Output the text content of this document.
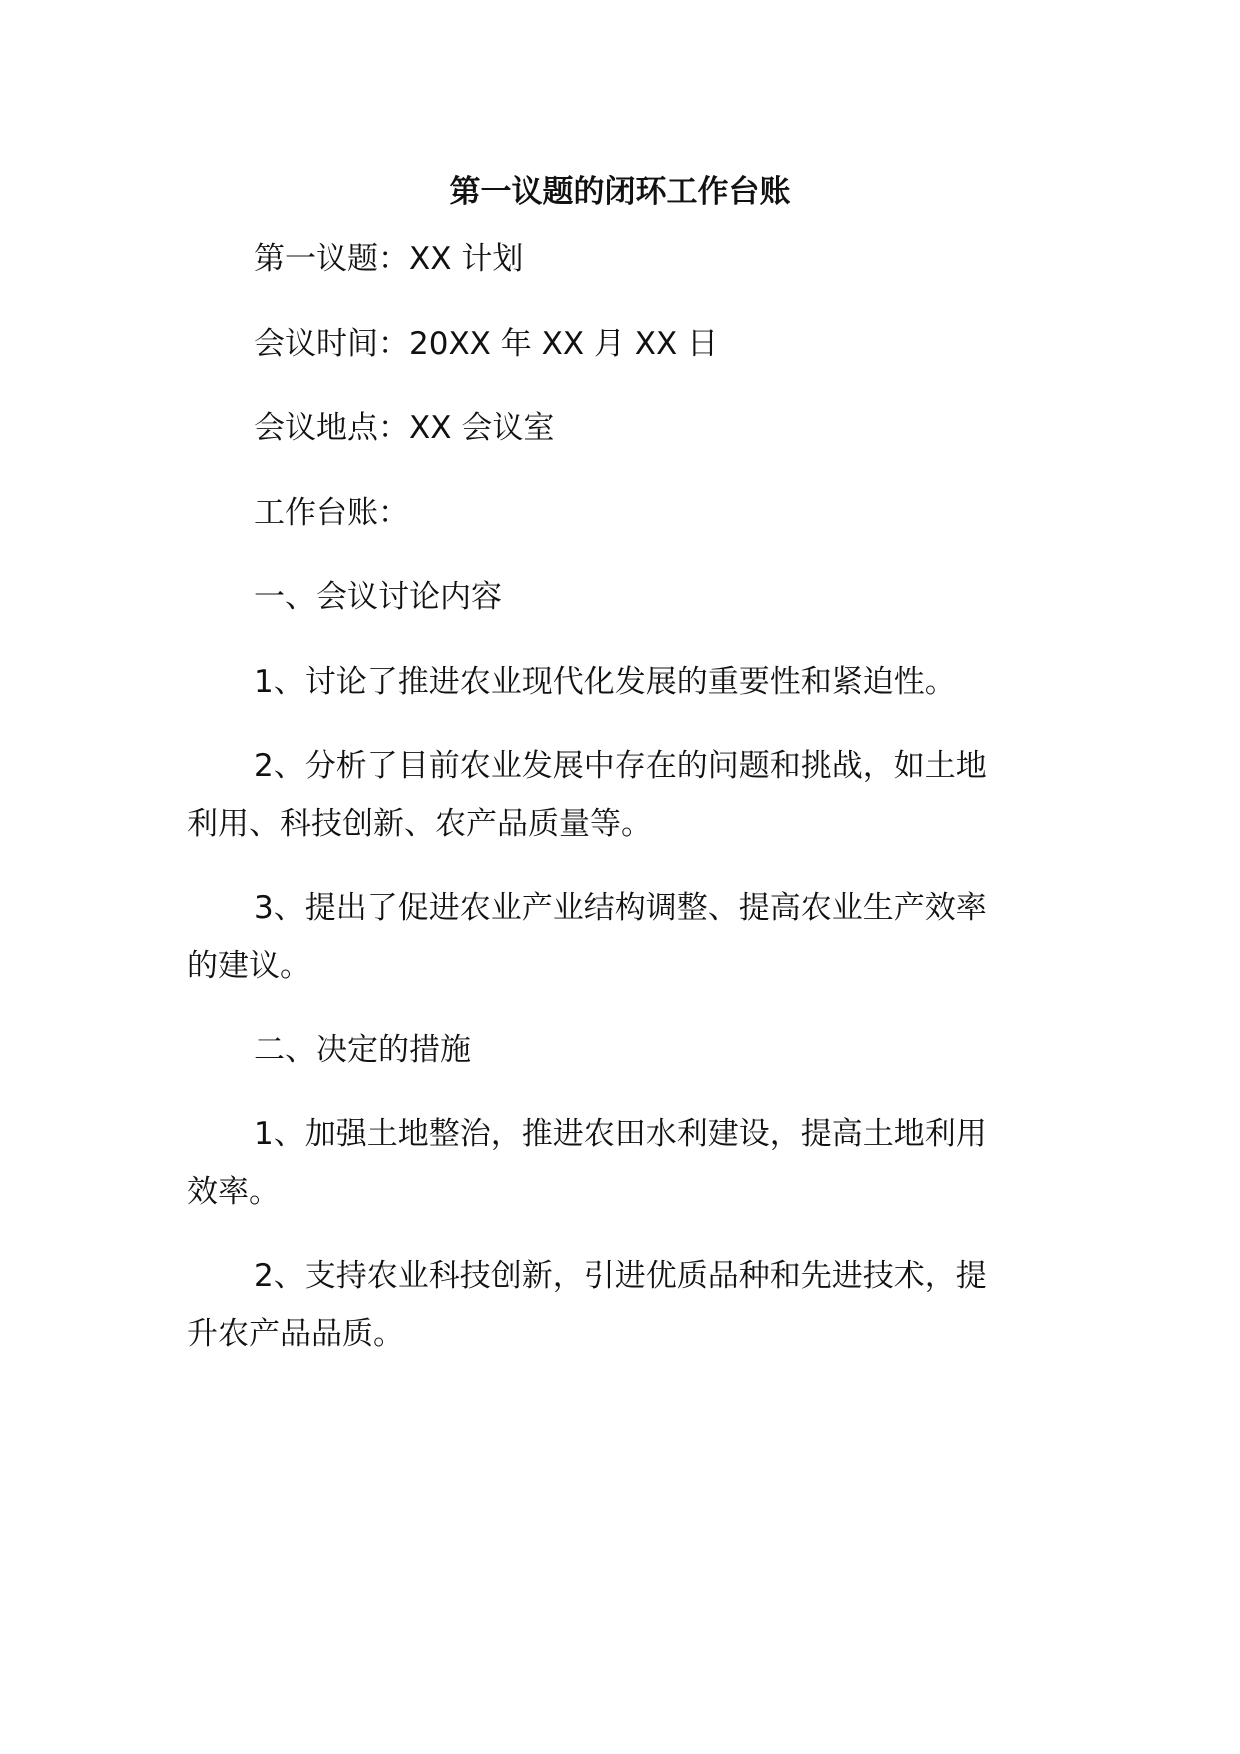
第一议题的闭环工作台账
第一议题：XX 计划
会议时间：20XX 年 XX 月 XX 日
会议地点：XX 会议室
工作台账：
一、会议讨论内容
1、讨论了推进农业现代化发展的重要性和紧迫性。
2、分析了目前农业发展中存在的问题和挑战，如土地
利用、科技创新、农产品质量等。
3、提出了促进农业产业结构调整、提高农业生产效率
的建议。
二、决定的措施
1、加强土地整治，推进农田水利建设，提高土地利用
效率。
2、支持农业科技创新，引进优质品种和先进技术，提
升农产品品质。
